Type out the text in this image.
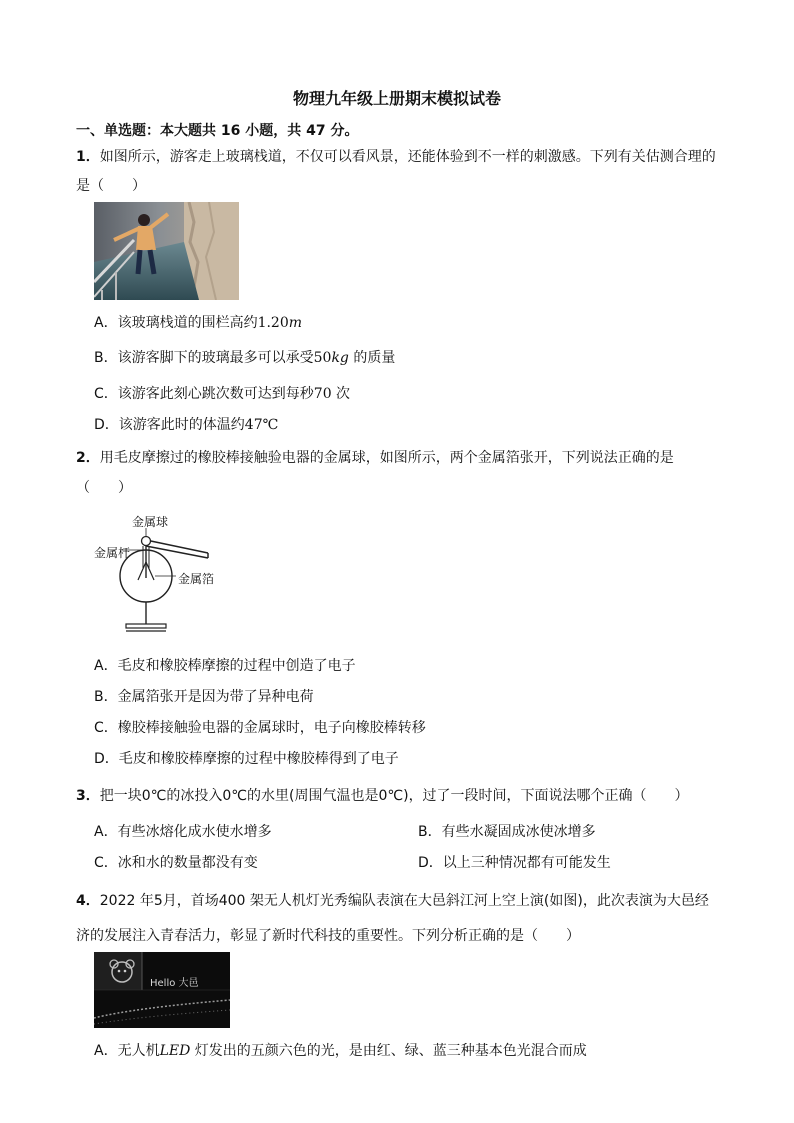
物理九年级上册期末模拟试卷
一、单选题：本大题共 16 小题，共 47 分。
1．如图所示，游客走上玻璃栈道，不仅可以看风景，还能体验到不一样的刺激感。下列有关估测合理的
是（　　）
A．该玻璃栈道的围栏高约1.20m
B．该游客脚下的玻璃最多可以承受50kg 的质量
C．该游客此刻心跳次数可达到每秒70 次
D．该游客此时的体温约47℃
2．用毛皮摩擦过的橡胶棒接触验电器的金属球，如图所示，两个金属箔张开，下列说法正确的是
（　　）
金属球
金属杆
金属箔
A．毛皮和橡胶棒摩擦的过程中创造了电子
B．金属箔张开是因为带了异种电荷
C．橡胶棒接触验电器的金属球时，电子向橡胶棒转移
D．毛皮和橡胶棒摩擦的过程中橡胶棒得到了电子
3．把一块0℃的冰投入0℃的水里(周围气温也是0℃)，过了一段时间，下面说法哪个正确（　　）
A．有些冰熔化成水使水增多	B．有些水凝固成冰使冰增多
C．冰和水的数量都没有变	D．以上三种情况都有可能发生
4．2022 年5月，首场400 架无人机灯光秀编队表演在大邑斜江河上空上演(如图)，此次表演为大邑经
济的发展注入青春活力，彰显了新时代科技的重要性。下列分析正确的是（　　）
Hello 大邑
A．无人机LED 灯发出的五颜六色的光，是由红、绿、蓝三种基本色光混合而成
